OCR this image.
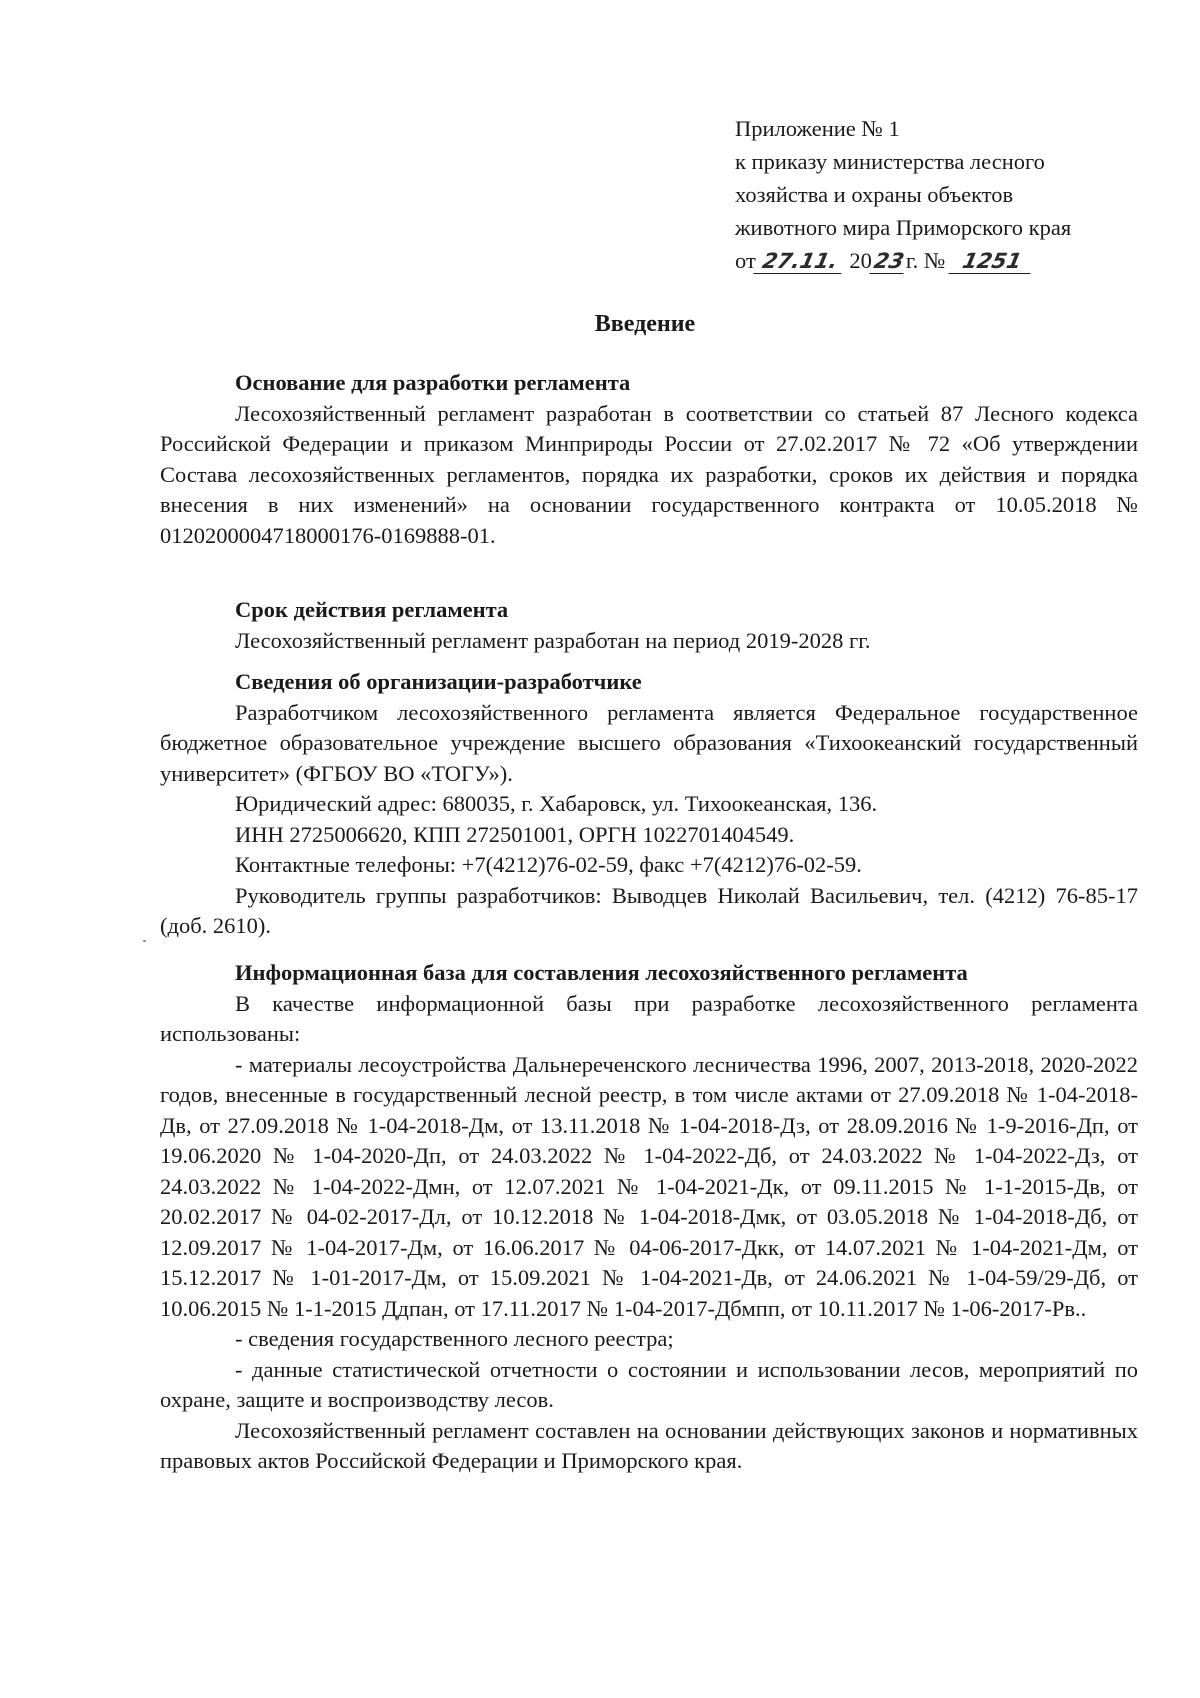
Приложение № 1
к приказу министерства лесного
хозяйства и охраны объектов
животного мира Приморского края
от 27.11. 2023г. № 1251
Введение

Основание для разработки регламента

Лесохозяйственный регламент разработан в соответствии со статьей 87 Лесного кодекса Российской Федерации и приказом Минприроды России от 27.02.2017 № 72 «Об утверждении Состава лесохозяйственных регламентов, порядка их разработки, сроков их действия и порядка внесения в них изменений» на основании государственного контракта от 10.05.2018 № 0120200004718000176-0169888-01.

Срок действия регламента

Лесохозяйственный регламент разработан на период 2019-2028 гг.

Сведения об организации-разработчике

Разработчиком лесохозяйственного регламента является Федеральное государственное бюджетное образовательное учреждение высшего образования «Тихоокеанский государственный университет» (ФГБОУ ВО «ТОГУ»).

Юридический адрес: 680035, г. Хабаровск, ул. Тихоокеанская, 136.

ИНН 2725006620, КПП 272501001, ОРГН 1022701404549.

Контактные телефоны: +7(4212)76-02-59, факс +7(4212)76-02-59.

Руководитель группы разработчиков: Выводцев Николай Васильевич, тел. (4212) 76-85-17 (доб. 2610).

Информационная база для составления лесохозяйственного регламента

В качестве информационной базы при разработке лесохозяйственного регламента использованы:

- материалы лесоустройства Дальнереченского лесничества 1996, 2007, 2013-2018, 2020-2022 годов, внесенные в государственный лесной реестр, в том числе актами от 27.09.2018 № 1-04-2018-Дв, от 27.09.2018 № 1-04-2018-Дм, от 13.11.2018 № 1-04-2018-Дз, от 28.09.2016 № 1-9-2016-Дп, от 19.06.2020 № 1-04-2020-Дп, от 24.03.2022 № 1-04-2022-Дб, от 24.03.2022 № 1-04-2022-Дз, от 24.03.2022 № 1-04-2022-Дмн, от 12.07.2021 № 1-04-2021-Дк, от 09.11.2015 № 1-1-2015-Дв, от 20.02.2017 № 04-02-2017-Дл, от 10.12.2018 № 1-04-2018-Дмк, от 03.05.2018 № 1-04-2018-Дб, от 12.09.2017 № 1-04-2017-Дм, от 16.06.2017 № 04-06-2017-Дкк, от 14.07.2021 № 1-04-2021-Дм, от 15.12.2017 № 1-01-2017-Дм, от 15.09.2021 № 1-04-2021-Дв, от 24.06.2021 № 1-04-59/29-Дб, от 10.06.2015 № 1-1-2015 Ддпан, от 17.11.2017 № 1-04-2017-Дбмпп, от 10.11.2017 № 1-06-2017-Рв..

- сведения государственного лесного реестра;

- данные статистической отчетности о состоянии и использовании лесов, мероприятий по охране, защите и воспроизводству лесов.

Лесохозяйственный регламент составлен на основании действующих законов и нормативных правовых актов Российской Федерации и Приморского края.
